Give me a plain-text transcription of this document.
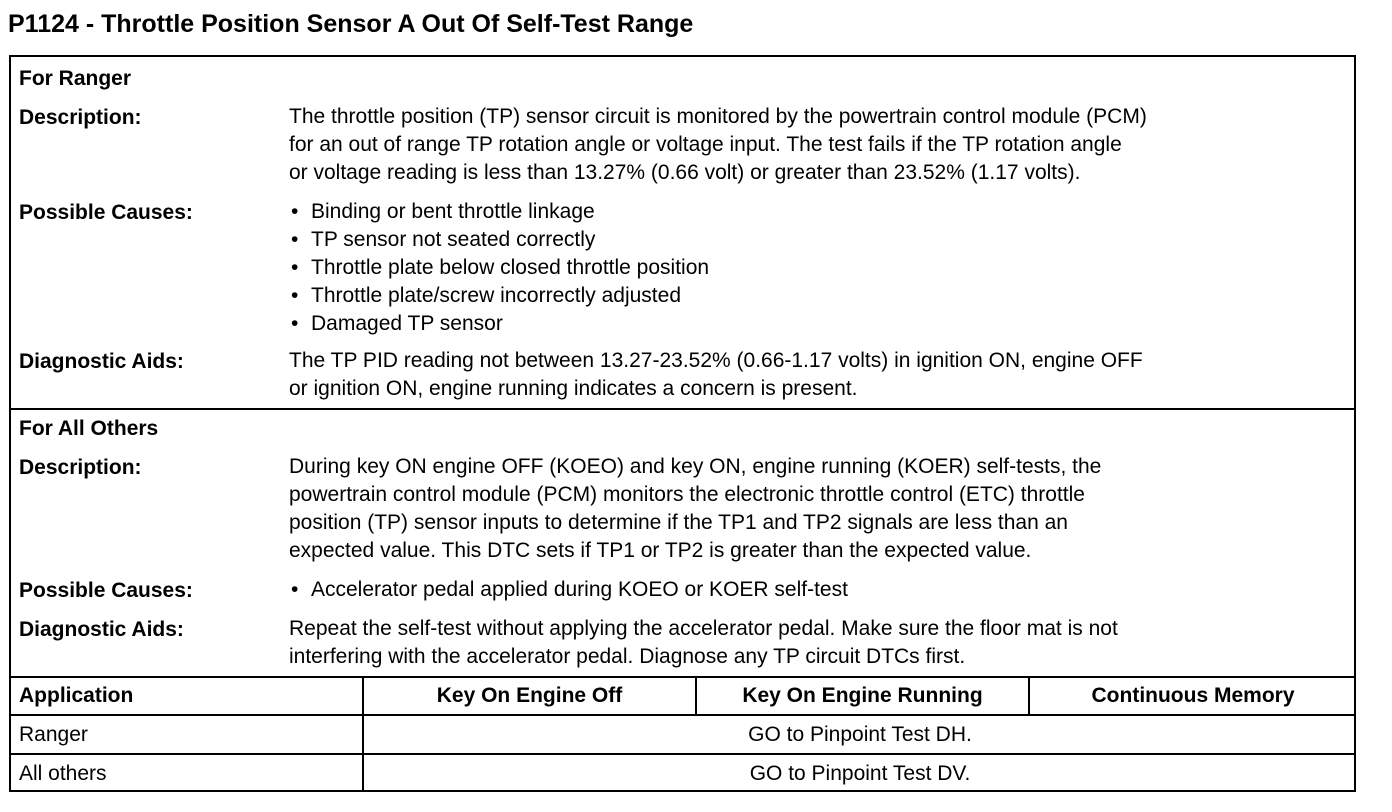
P1124 - Throttle Position Sensor A Out Of Self-Test Range
For Ranger
Description:	The throttle position (TP) sensor circuit is monitored by the powertrain control module (PCM)
for an out of range TP rotation angle or voltage input. The test fails if the TP rotation angle
or voltage reading is less than 13.27% (0.66 volt) or greater than 23.52% (1.17 volts).
Possible Causes:	• Binding or bent throttle linkage
• TP sensor not seated correctly
• Throttle plate below closed throttle position
• Throttle plate/screw incorrectly adjusted
• Damaged TP sensor
Diagnostic Aids:	The TP PID reading not between 13.27-23.52% (0.66-1.17 volts) in ignition ON, engine OFF
or ignition ON, engine running indicates a concern is present.
For All Others
Description:	During key ON engine OFF (KOEO) and key ON, engine running (KOER) self-tests, the
powertrain control module (PCM) monitors the electronic throttle control (ETC) throttle
position (TP) sensor inputs to determine if the TP1 and TP2 signals are less than an
expected value. This DTC sets if TP1 or TP2 is greater than the expected value.
Possible Causes:	• Accelerator pedal applied during KOEO or KOER self-test
Diagnostic Aids:	Repeat the self-test without applying the accelerator pedal. Make sure the floor mat is not
interfering with the accelerator pedal. Diagnose any TP circuit DTCs first.
Application	Key On Engine Off	Key On Engine Running	Continuous Memory
Ranger	GO to Pinpoint Test DH.
All others	GO to Pinpoint Test DV.
